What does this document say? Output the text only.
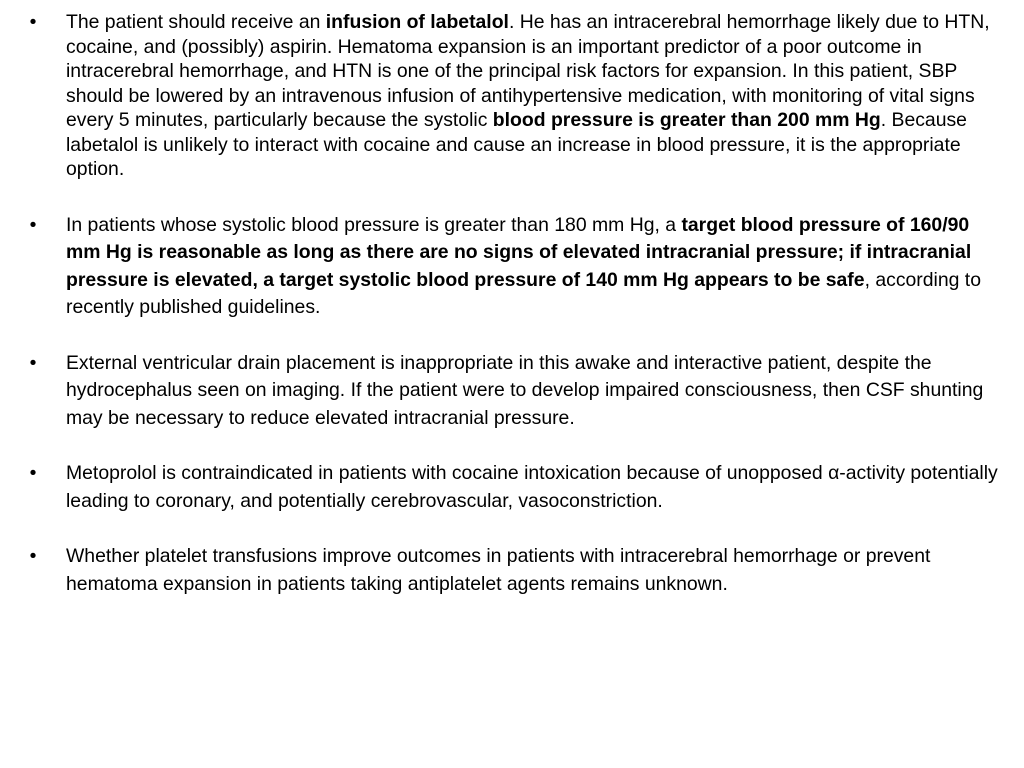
• The patient should receive an infusion of labetalol. He has an intracerebral hemorrhage likely due to HTN, cocaine, and (possibly) aspirin. Hematoma expansion is an important predictor of a poor outcome in intracerebral hemorrhage, and HTN is one of the principal risk factors for expansion. In this patient, SBP should be lowered by an intravenous infusion of antihypertensive medication, with monitoring of vital signs every 5 minutes, particularly because the systolic blood pressure is greater than 200 mm Hg. Because labetalol is unlikely to interact with cocaine and cause an increase in blood pressure, it is the appropriate option.
• In patients whose systolic blood pressure is greater than 180 mm Hg, a target blood pressure of 160/90 mm Hg is reasonable as long as there are no signs of elevated intracranial pressure; if intracranial pressure is elevated, a target systolic blood pressure of 140 mm Hg appears to be safe, according to recently published guidelines.
• External ventricular drain placement is inappropriate in this awake and interactive patient, despite the hydrocephalus seen on imaging. If the patient were to develop impaired consciousness, then CSF shunting may be necessary to reduce elevated intracranial pressure.
• Metoprolol is contraindicated in patients with cocaine intoxication because of unopposed α-activity potentially leading to coronary, and potentially cerebrovascular, vasoconstriction.
• Whether platelet transfusions improve outcomes in patients with intracerebral hemorrhage or prevent hematoma expansion in patients taking antiplatelet agents remains unknown.
